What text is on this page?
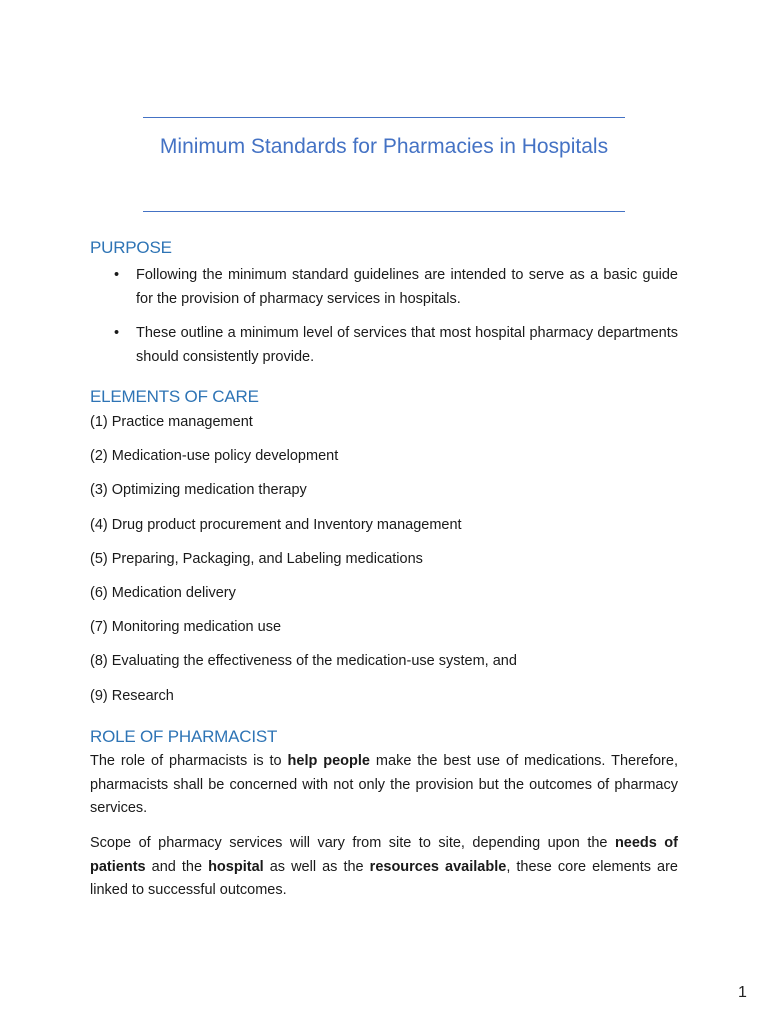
Minimum Standards for Pharmacies in Hospitals
PURPOSE
• Following the minimum standard guidelines are intended to serve as a basic guide for the provision of pharmacy services in hospitals.
• These outline a minimum level of services that most hospital pharmacy departments should consistently provide.
ELEMENTS OF CARE
(1) Practice management
(2) Medication-use policy development
(3) Optimizing medication therapy
(4) Drug product procurement and Inventory management
(5) Preparing, Packaging, and Labeling medications
(6) Medication delivery
(7) Monitoring medication use
(8) Evaluating the effectiveness of the medication-use system, and
(9) Research
ROLE OF PHARMACIST

The role of pharmacists is to help people make the best use of medications. Therefore, pharmacists shall be concerned with not only the provision but the outcomes of pharmacy services.

Scope of pharmacy services will vary from site to site, depending upon the needs of patients and the hospital as well as the resources available, these core elements are linked to successful outcomes.

1
